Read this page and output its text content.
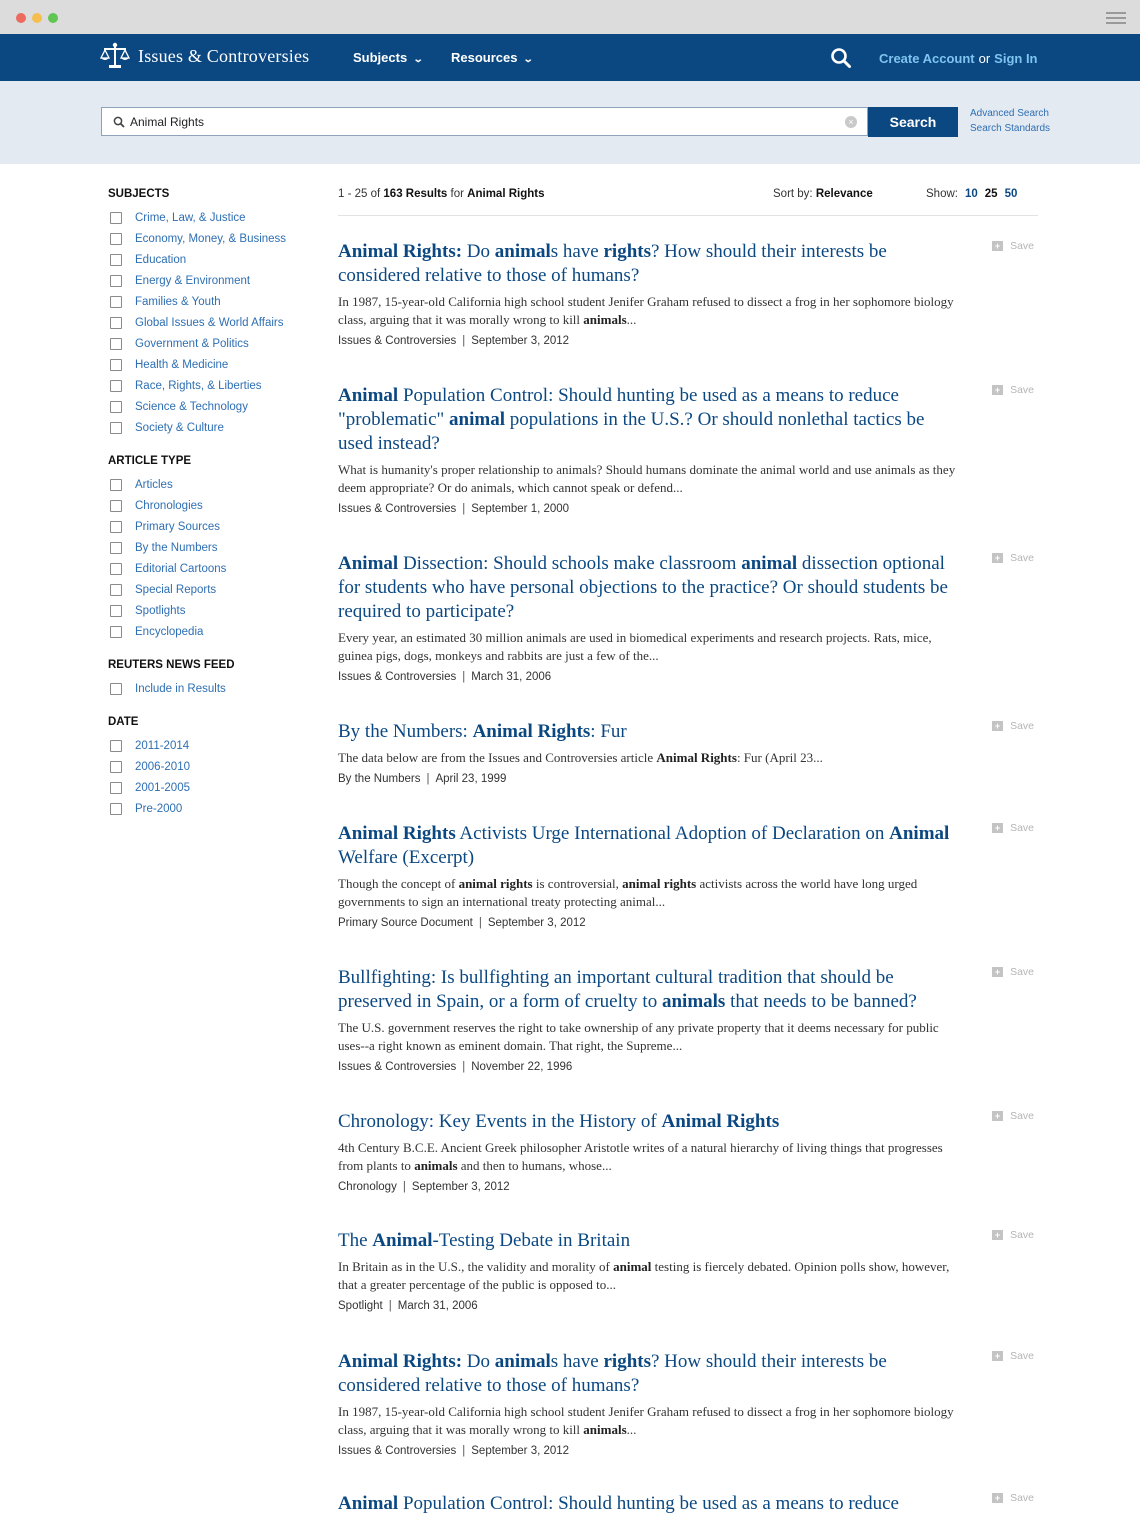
Issues & Controversies	Subjects ⌄ Resources ⌄	Create Account or Sign In
Animal Rights
×	Search
Advanced Search
Search Standards
SUBJECTS
Crime, Law, & Justice
Economy, Money, & Business
Education
Energy & Environment
Families & Youth
Global Issues & World Affairs
Government & Politics
Health & Medicine
Race, Rights, & Liberties
Science & Technology
Society & Culture
ARTICLE TYPE
Articles
Chronologies
Primary Sources
By the Numbers
Editorial Cartoons
Special Reports
Spotlights
Encyclopedia
REUTERS NEWS FEED
Include in Results
DATE
2011-2014
2006-2010
2001-2005
Pre-2000
1 - 25 of 163 Results for Animal Rights	Sort by: Relevance	Show: 10 25 50
Animal Rights: Do animals have rights? How should their interests be considered relative to those of humans?
In 1987, 15-year-old California high school student Jenifer Graham refused to dissect a frog in her sophomore biology class, arguing that it was morally wrong to kill animals...
Issues & Controversies | September 3, 2012
+ Save
Animal Population Control: Should hunting be used as a means to reduce "problematic" animal populations in the U.S.? Or should nonlethal tactics be used instead?
What is humanity's proper relationship to animals? Should humans dominate the animal world and use animals as they deem appropriate? Or do animals, which cannot speak or defend...
Issues & Controversies | September 1, 2000
+ Save
Animal Dissection: Should schools make classroom animal dissection optional for students who have personal objections to the practice? Or should students be required to participate?
Every year, an estimated 30 million animals are used in biomedical experiments and research projects. Rats, mice, guinea pigs, dogs, monkeys and rabbits are just a few of the...
Issues & Controversies | March 31, 2006
+ Save
By the Numbers: Animal Rights: Fur
The data below are from the Issues and Controversies article Animal Rights: Fur (April 23...
By the Numbers | April 23, 1999
+ Save
Animal Rights Activists Urge International Adoption of Declaration on Animal Welfare (Excerpt)
Though the concept of animal rights is controversial, animal rights activists across the world have long urged governments to sign an international treaty protecting animal...
Primary Source Document | September 3, 2012
+ Save
Bullfighting: Is bullfighting an important cultural tradition that should be preserved in Spain, or a form of cruelty to animals that needs to be banned?
The U.S. government reserves the right to take ownership of any private property that it deems necessary for public uses--a right known as eminent domain. That right, the Supreme...
Issues & Controversies | November 22, 1996
+ Save
Chronology: Key Events in the History of Animal Rights
4th Century B.C.E. Ancient Greek philosopher Aristotle writes of a natural hierarchy of living things that progresses from plants to animals and then to humans, whose...
Chronology | September 3, 2012
+ Save
The Animal-Testing Debate in Britain
In Britain as in the U.S., the validity and morality of animal testing is fiercely debated. Opinion polls show, however, that a greater percentage of the public is opposed to...
Spotlight | March 31, 2006
+ Save
Animal Rights: Do animals have rights? How should their interests be considered relative to those of humans?
In 1987, 15-year-old California high school student Jenifer Graham refused to dissect a frog in her sophomore biology class, arguing that it was morally wrong to kill animals...
Issues & Controversies | September 3, 2012
+ Save
Animal Population Control: Should hunting be used as a means to reduce	+ Save
